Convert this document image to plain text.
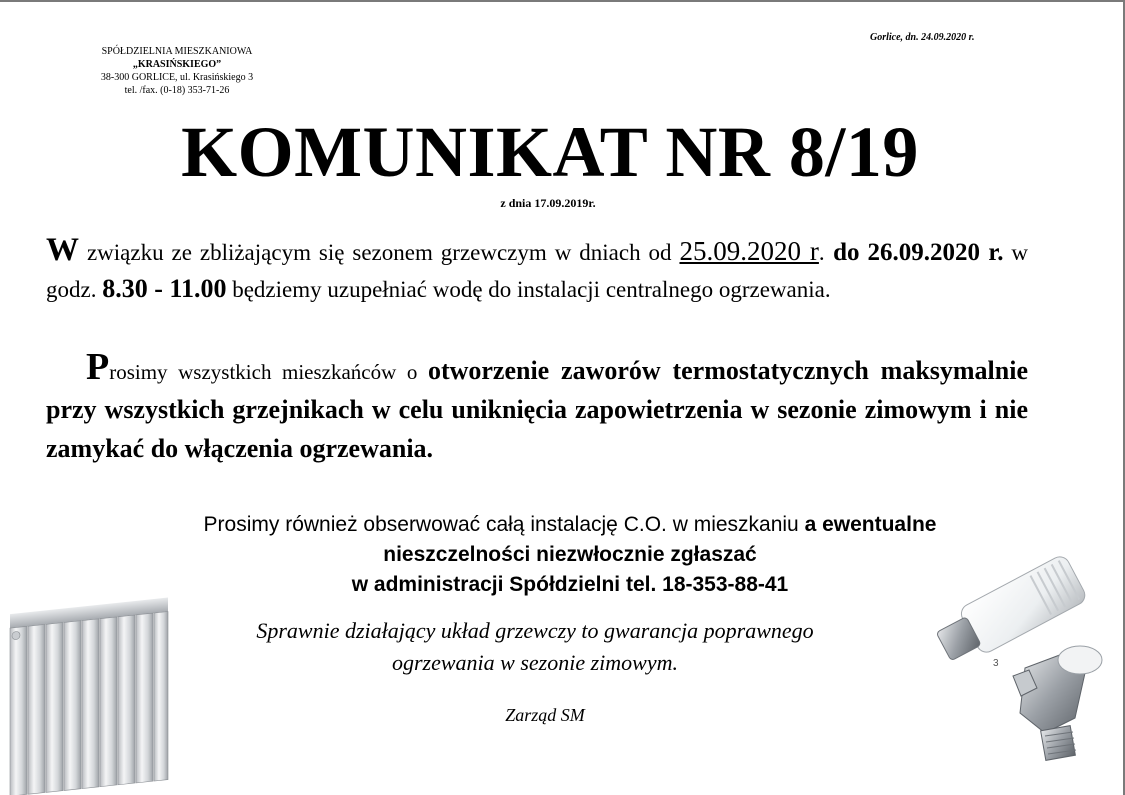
SPÓŁDZIELNIA MIESZKANIOWA
„KRASIŃSKIEGO”
38-300 GORLICE, ul. Krasińskiego 3
tel. /fax. (0-18) 353-71-26
Gorlice, dn. 24.09.2020 r.
KOMUNIKAT NR 8/19
z dnia 17.09.2019r.
W związku ze zbliżającym się sezonem grzewczym w dniach od 25.09.2020 r. do 26.09.2020 r. w godz. 8.30 - 11.00 będziemy uzupełniać wodę do instalacji centralnego ogrzewania.
Prosimy wszystkich mieszkańców o otworzenie zaworów termostatycznych maksymalnie przy wszystkich grzejnikach w celu uniknięcia zapowietrzenia w sezonie zimowym i nie zamykać do włączenia ogrzewania.
Prosimy również obserwować całą instalację C.O. w mieszkaniu a ewentualne
nieszczelności niezwłocznie zgłaszać
w administracji Spółdzielni tel. 18-353-88-41
Sprawnie działający układ grzewczy to gwarancja poprawnego
ogrzewania w sezonie zimowym.
Zarząd SM
3
